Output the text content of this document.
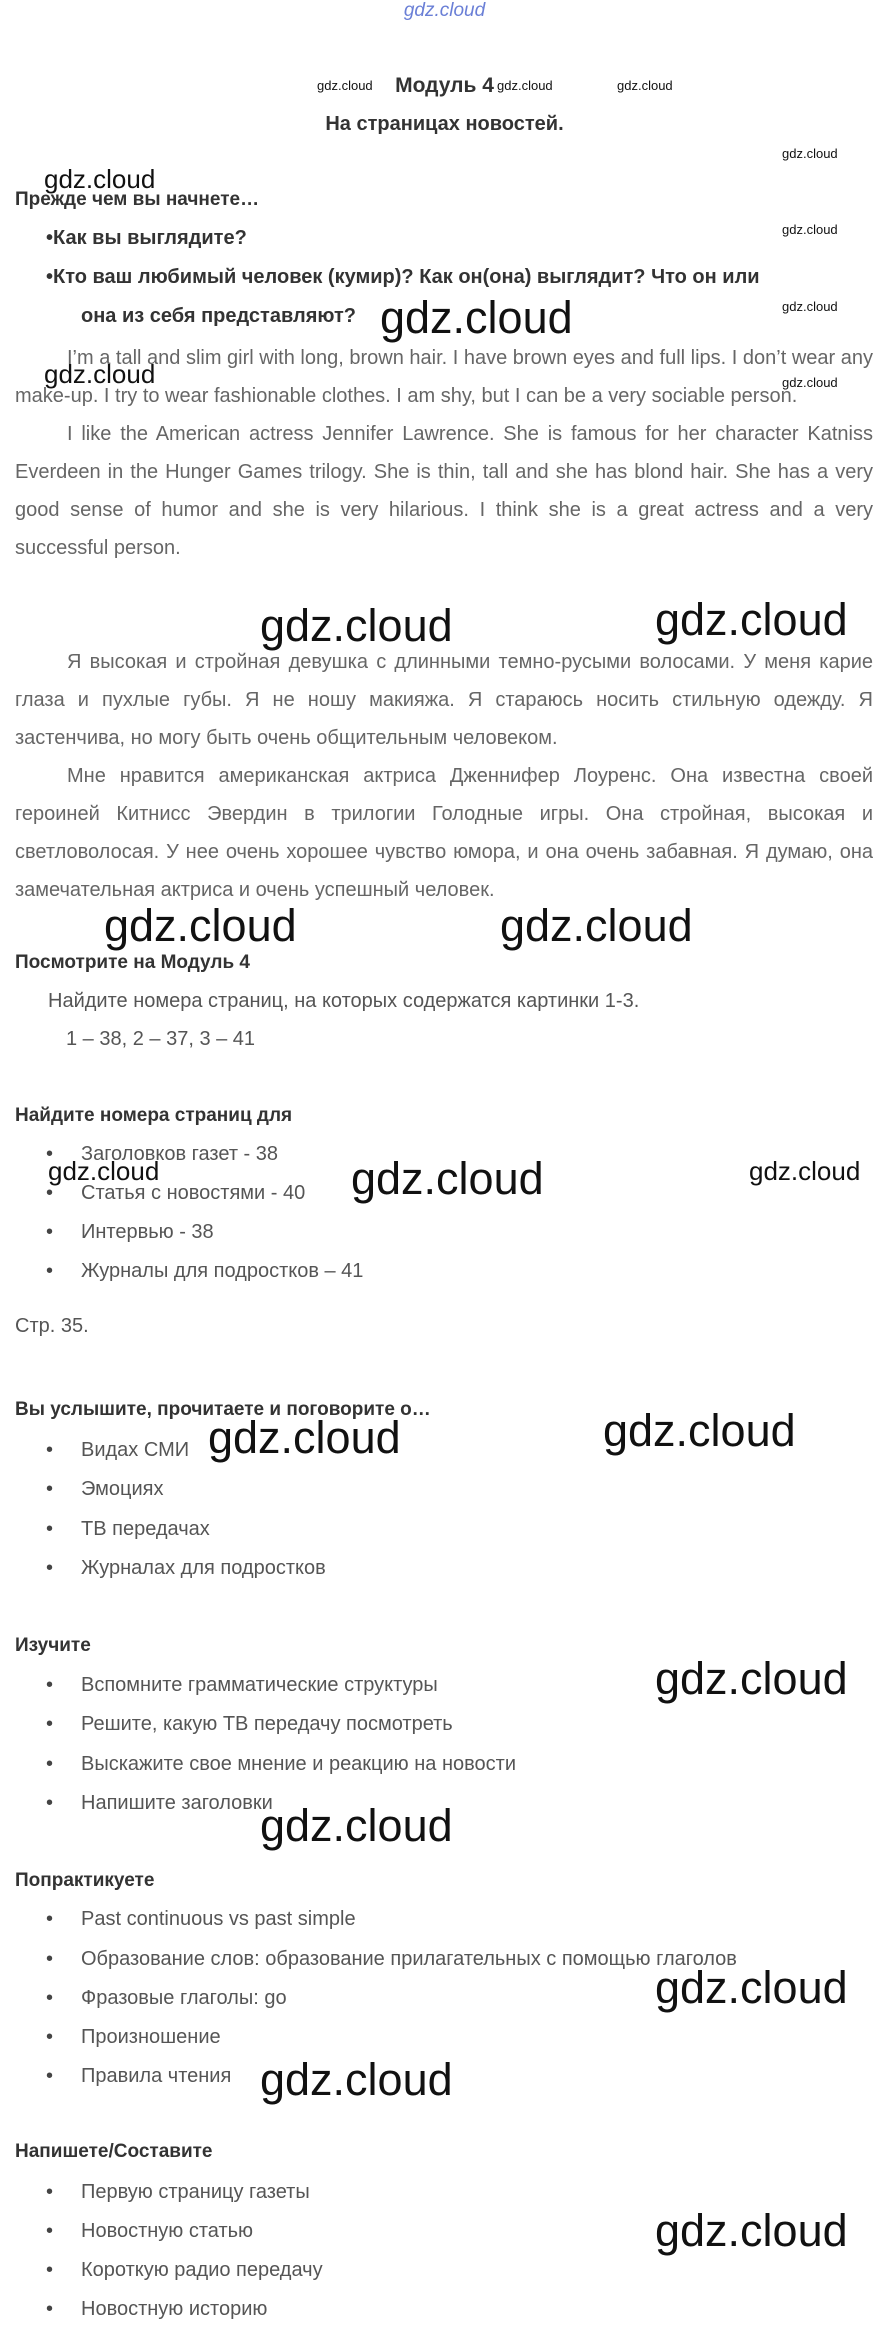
gdz.cloud
gdz.cloud	gdz.cloud	gdz.cloud
gdz.cloud
gdz.cloud
gdz.cloud
gdz.cloud
Модуль 4
На страницах новостей.
gdz.cloud
Прежде чем вы начнете…
•Как вы выглядите?
•Кто ваш любимый человек (кумир)? Как он(она) выглядит? Что он или
она из себя представляют? gdz.cloud
gdz.cloud
I’m a tall and slim girl with long, brown hair. I have brown eyes and full lips. I don’t wear any make-up. I try to wear fashionable clothes. I am shy, but I can be a very sociable person.
I like the American actress Jennifer Lawrence. She is famous for her character Katniss Everdeen in the Hunger Games trilogy. She is thin, tall and she has blond hair. She has a very good sense of humor and she is very hilarious. I think she is a great actress and a very successful person.
gdz.cloud	gdz.cloud
Я высокая и стройная девушка с длинными темно-русыми волосами. У меня карие глаза и пухлые губы. Я не ношу макияжа. Я стараюсь носить стильную одежду. Я застенчива, но могу быть очень общительным человеком.
Мне нравится американская актриса Дженнифер Лоуренс. Она известна своей героиней Китнисс Эвердин в трилогии Голодные игры. Она стройная, высокая и светловолосая. У нее очень хорошее чувство юмора, и она очень забавная. Я думаю, она замечательная актриса и очень успешный человек.
gdz.cloud	gdz.cloud
Посмотрите на Модуль 4
Найдите номера страниц, на которых содержатся картинки 1-3.
1 – 38, 2 – 37, 3 – 41
Найдите номера страниц для
• Заголовков газет - 38
gdz.cloud	gdz.cloud	gdz.cloud
• Статья с новостями - 40
• Интервью - 38
• Журналы для подростков – 41
Стр. 35.
Вы услышите, прочитаете и поговорите о…
• Видах СМИ gdz.cloud	gdz.cloud
• Эмоциях
• ТВ передачах
• Журналах для подростков
Изучите
• Вспомните грамматические структуры	gdz.cloud
• Решите, какую ТВ передачу посмотреть
• Выскажите свое мнение и реакцию на новости
• Напишите заголовки
gdz.cloud
Попрактикуете
• Past continuous vs past simple
• Образование слов: образование прилагательных с помощью глаголов
• Фразовые глаголы: go	gdz.cloud
• Произношение
• Правила чтения gdz.cloud
Напишете/Составите
• Первую страницу газеты
• Новостную статью	gdz.cloud
• Короткую радио передачу
• Новостную историю
